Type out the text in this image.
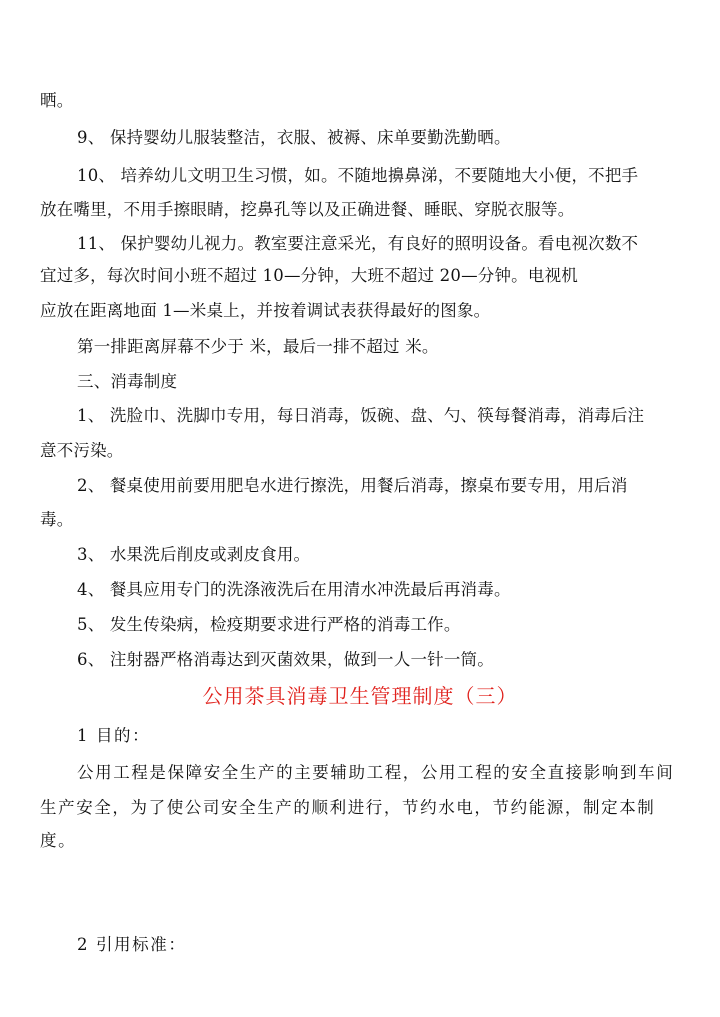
晒。
9、 保持婴幼儿服装整洁，衣服、被褥、床单要勤洗勤晒。
10、 培养幼儿文明卫生习惯，如。不随地擤鼻涕，不要随地大小便，不把手
放在嘴里，不用手擦眼睛，挖鼻孔等以及正确进餐、睡眠、穿脱衣服等。
11、 保护婴幼儿视力。教室要注意采光，有良好的照明设备。看电视次数不
宜过多，每次时间小班不超过 10—分钟，大班不超过 20—分钟。电视机
应放在距离地面 1—米桌上，并按着调试表获得最好的图象。
第一排距离屏幕不少于 米，最后一排不超过 米。
三、消毒制度
1、 洗脸巾、洗脚巾专用，每日消毒，饭碗、盘、勺、筷每餐消毒，消毒后注
意不污染。
2、 餐桌使用前要用肥皂水进行擦洗，用餐后消毒，擦桌布要专用，用后消
毒。
3、 水果洗后削皮或剥皮食用。
4、 餐具应用专门的洗涤液洗后在用清水冲洗最后再消毒。
5、 发生传染病，检疫期要求进行严格的消毒工作。
6、 注射器严格消毒达到灭菌效果，做到一人一针一筒。
公用茶具消毒卫生管理制度（三）
1 目的：
公用工程是保障安全生产的主要辅助工程，公用工程的安全直接影响到车间
生产安全，为了使公司安全生产的顺利进行，节约水电，节约能源，制定本制
度。
2 引用标准：
